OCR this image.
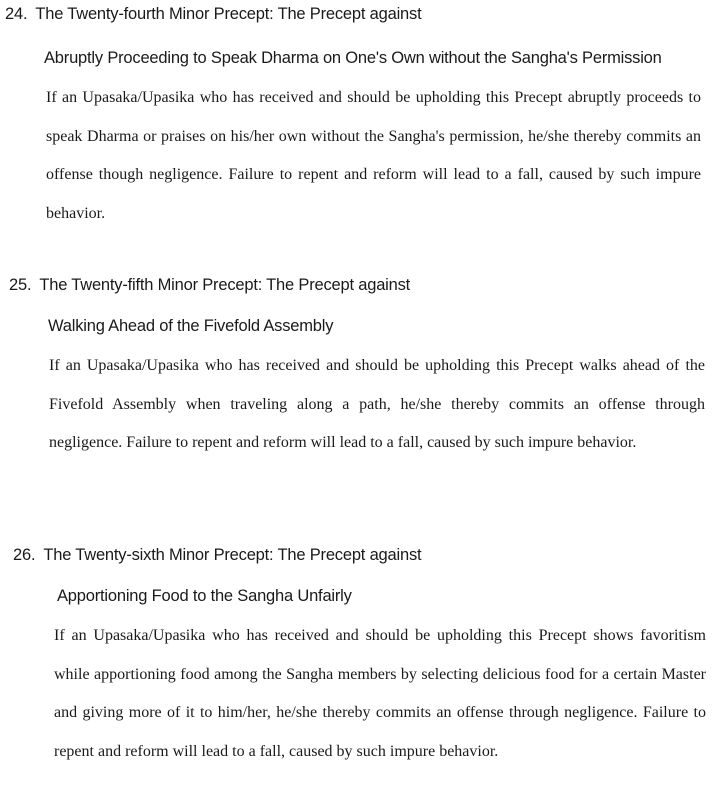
24. The Twenty-fourth Minor Precept: The Precept against
Abruptly Proceeding to Speak Dharma on One's Own without the Sangha's Permission

If an Upasaka/Upasika who has received and should be upholding this Precept abruptly proceeds to speak Dharma or praises on his/her own without the Sangha's permission, he/she thereby commits an offense though negligence. Failure to repent and reform will lead to a fall, caused by such impure behavior.

25. The Twenty-fifth Minor Precept: The Precept against
Walking Ahead of the Fivefold Assembly

If an Upasaka/Upasika who has received and should be upholding this Precept walks ahead of the Fivefold Assembly when traveling along a path, he/she thereby commits an offense through negligence. Failure to repent and reform will lead to a fall, caused by such impure behavior.

26. The Twenty-sixth Minor Precept: The Precept against
Apportioning Food to the Sangha Unfairly

If an Upasaka/Upasika who has received and should be upholding this Precept shows favoritism while apportioning food among the Sangha members by selecting delicious food for a certain Master and giving more of it to him/her, he/she thereby commits an offense through negligence. Failure to repent and reform will lead to a fall, caused by such impure behavior.
